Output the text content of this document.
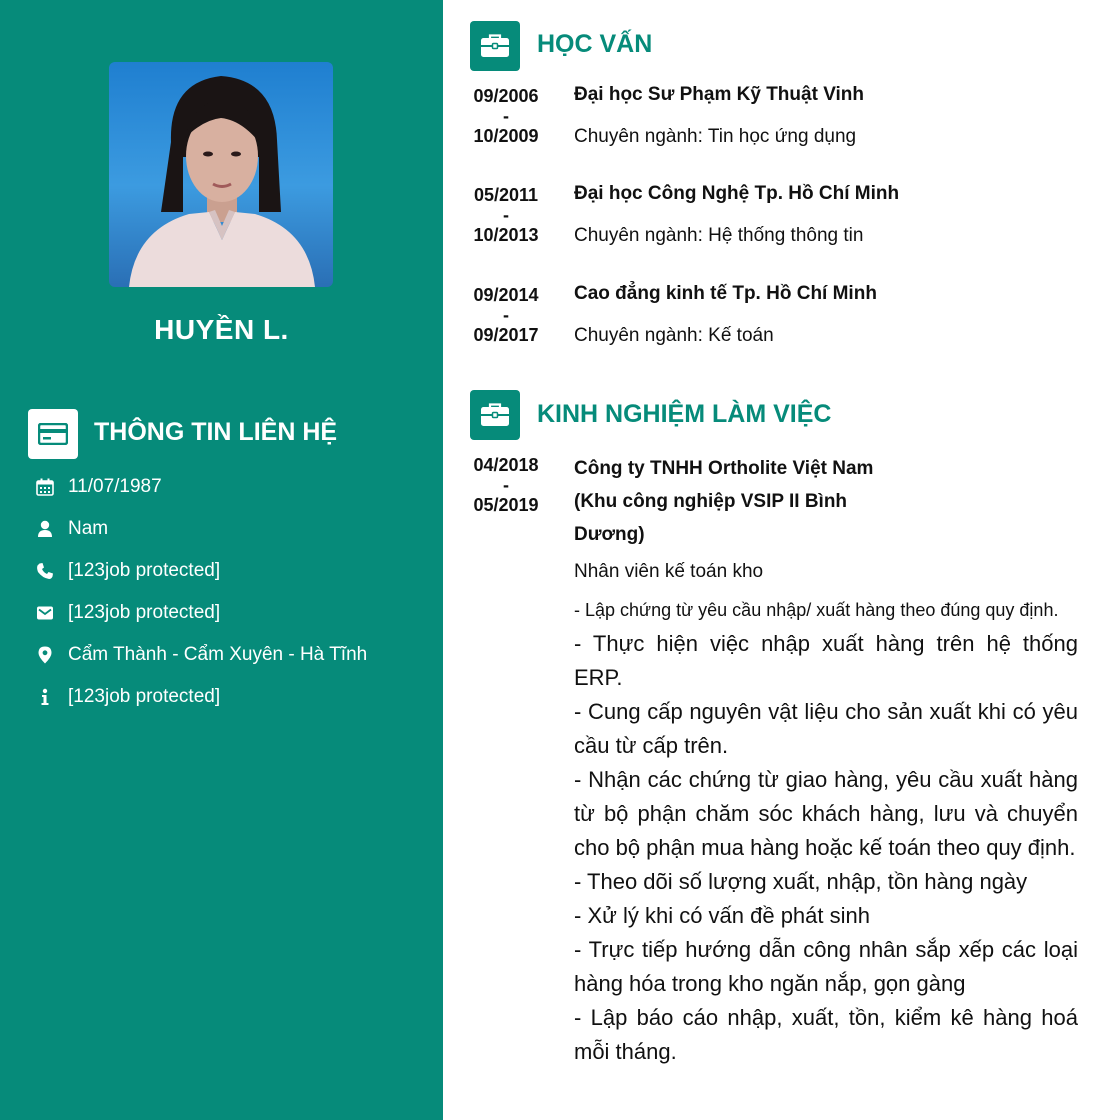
HUYỀN L.
THÔNG TIN LIÊN HỆ
11/07/1987
Nam
[123job protected]
[123job protected]
Cẩm Thành - Cẩm Xuyên - Hà Tĩnh
[123job protected]
HỌC VẤN
09/2006
-
10/2009
Đại học Sư Phạm Kỹ Thuật Vinh
Chuyên ngành: Tin học ứng dụng
05/2011
-
10/2013
Đại học Công Nghệ Tp. Hồ Chí Minh
Chuyên ngành: Hệ thống thông tin
09/2014
-
09/2017
Cao đẳng kinh tế Tp. Hồ Chí Minh
Chuyên ngành: Kế toán
KINH NGHIỆM LÀM VIỆC
04/2018
-
05/2019
Công ty TNHH Ortholite Việt Nam (Khu công nghiệp VSIP II Bình Dương)
Nhân viên kế toán kho
- Lập chứng từ yêu cầu nhập/ xuất hàng theo đúng quy định.
- Thực hiện việc nhập xuất hàng trên hệ thống ERP.
- Cung cấp nguyên vật liệu cho sản xuất khi có yêu cầu từ cấp trên.
- Nhận các chứng từ giao hàng, yêu cầu xuất hàng từ bộ phận chăm sóc khách hàng, lưu và chuyển cho bộ phận mua hàng hoặc kế toán theo quy định.
- Theo dõi số lượng xuất, nhập, tồn hàng ngày
- Xử lý khi có vấn đề phát sinh
- Trực tiếp hướng dẫn công nhân sắp xếp các loại hàng hóa trong kho ngăn nắp, gọn gàng
- Lập báo cáo nhập, xuất, tồn, kiểm kê hàng hoá mỗi tháng.
